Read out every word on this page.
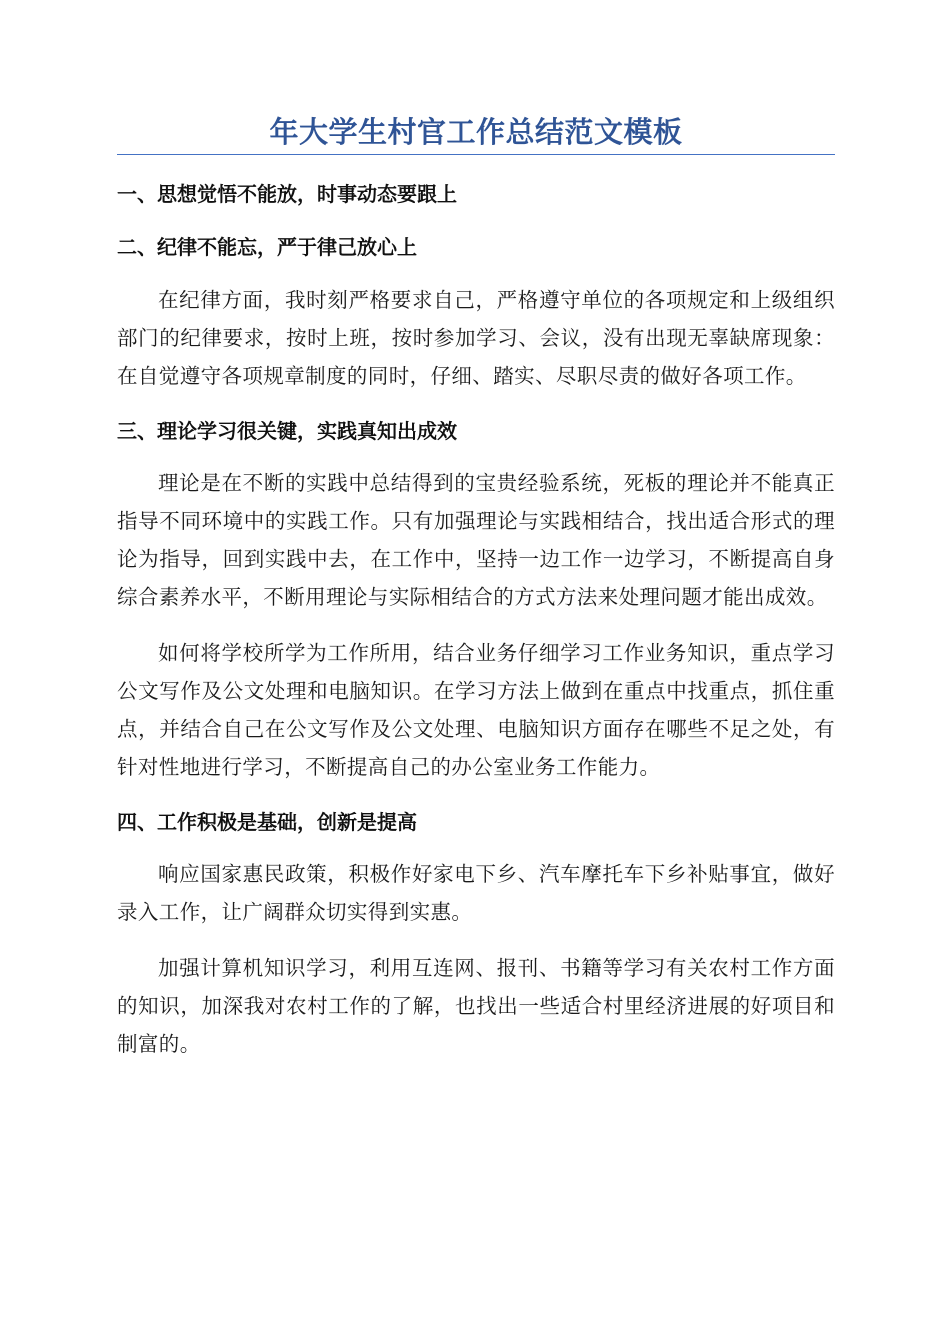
年大学生村官工作总结范文模板
一、思想觉悟不能放，时事动态要跟上
二、纪律不能忘，严于律己放心上

在纪律方面，我时刻严格要求自己，严格遵守单位的各项规定和上级组织部门的纪律要求，按时上班，按时参加学习、会议，没有出现无辜缺席现象：在自觉遵守各项规章制度的同时，仔细、踏实、尽职尽责的做好各项工作。

三、理论学习很关键，实践真知出成效

理论是在不断的实践中总结得到的宝贵经验系统，死板的理论并不能真正指导不同环境中的实践工作。只有加强理论与实践相结合，找出适合形式的理论为指导，回到实践中去，在工作中，坚持一边工作一边学习，不断提高自身综合素养水平，不断用理论与实际相结合的方式方法来处理问题才能出成效。

如何将学校所学为工作所用，结合业务仔细学习工作业务知识，重点学习公文写作及公文处理和电脑知识。在学习方法上做到在重点中找重点，抓住重点，并结合自己在公文写作及公文处理、电脑知识方面存在哪些不足之处，有针对性地进行学习，不断提高自己的办公室业务工作能力。

四、工作积极是基础，创新是提高

响应国家惠民政策，积极作好家电下乡、汽车摩托车下乡补贴事宜，做好录入工作，让广阔群众切实得到实惠。

加强计算机知识学习，利用互连网、报刊、书籍等学习有关农村工作方面的知识，加深我对农村工作的了解，也找出一些适合村里经济进展的好项目和制富的。
